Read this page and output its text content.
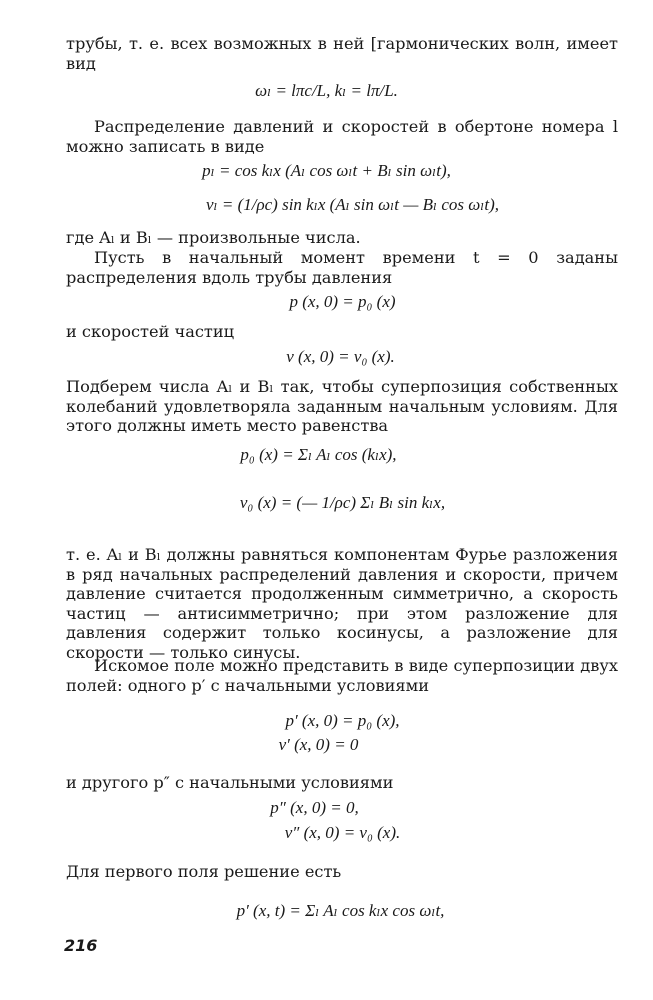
трубы, т. е. всех возможных в ней [гармонических волн, имеет вид

ωₗ = lπc/L, kₗ = lπ/L.

Распределение давлений и скоростей в обертоне номера l можно записать в виде

pₗ = cos kₗx (Aₗ cos ωₗt + Bₗ sin ωₗt),
vₗ = (1/ρc) sin kₗx (Aₗ sin ωₗt — Bₗ cos ωₗt),

где Aₗ и Bₗ — произвольные числа.

Пусть в начальный момент времени t = 0 заданы распределения вдоль трубы давления

p (x, 0) = p₀ (x)

и скоростей частиц

v (x, 0) = v₀ (x).

Подберем числа Aₗ и Bₗ так, чтобы суперпозиция собственных колебаний удовлетворяла заданным начальным условиям. Для этого должны иметь место равенства

p₀ (x) = Σₗ Aₗ cos (kₗx),
v₀ (x) = (— 1/ρc) Σₗ Bₗ sin kₗx,

т. е. Aₗ и Bₗ должны равняться компонентам Фурье разложения в ряд начальных распределений давления и скорости, причем давление считается продолженным симметрично, а скорость частиц — антисимметрично; при этом разложение для давления содержит только косинусы, а разложение для скорости — только синусы.

Искомое поле можно представить в виде суперпозиции двух полей: одного p′ с начальными условиями

p′ (x, 0) = p₀ (x),
v′ (x, 0) = 0

и другого p″ с начальными условиями

p″ (x, 0) = 0,
v″ (x, 0) = v₀ (x).

Для первого поля решение есть

p′ (x, t) = Σₗ Aₗ cos kₗx cos ωₗt,
216
